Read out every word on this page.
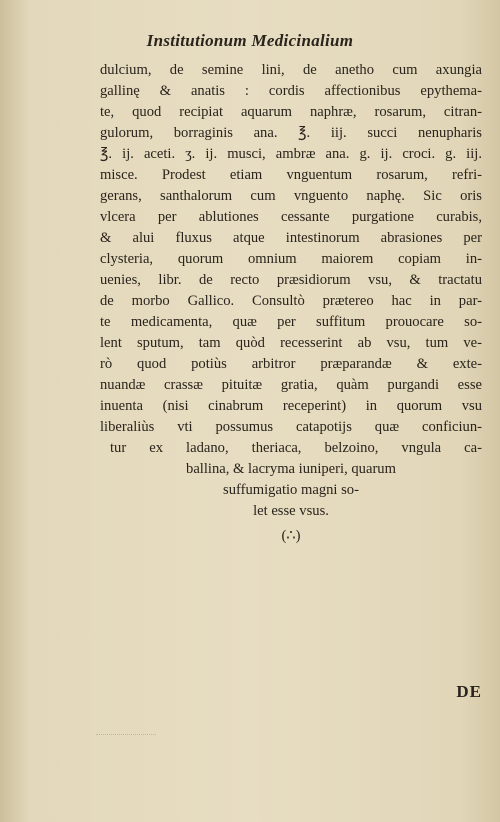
Institutionum Medicinalium
dulcium, de semine lini, de anetho cum axungia
gallinę & anatis : cordis affectionibus epythema-
te, quod recipiat aquarum naphræ, rosarum, citran-
gulorum, borraginis ana. ℥. iij. succi nenupharis
℥. ij. aceti. ʒ. ij. musci, ambræ ana. g. ij. croci. g. iij.
misce. Prodest etiam vnguentum rosarum, refri-
gerans, santhalorum cum vnguento naphę. Sic oris
vlcera per ablutiones cessante purgatione curabis,
& alui fluxus atque intestinorum abrasiones per
clysteria, quorum omnium maiorem copiam in-
uenies, libr. de recto præsidiorum vsu, & tractatu
de morbo Gallico. Consultò prætereo hac in par-
te medicamenta, quæ per suffitum prouocare so-
lent sputum, tam quòd recesserint ab vsu, tum ve-
rò quod potiùs arbitror præparandæ & exte-
nuandæ crassæ pituitæ gratia, quàm purgandi esse
inuenta (nisi cinabrum receperint) in quorum vsu
liberaliùs vti possumus catapotijs quæ conficiun-
tur ex ladano, theriaca, belzoino, vngula ca-
ballina, & lacryma iuniperi, quarum
suffumigatio magni so-
let esse vsus.
(∴)
DE
